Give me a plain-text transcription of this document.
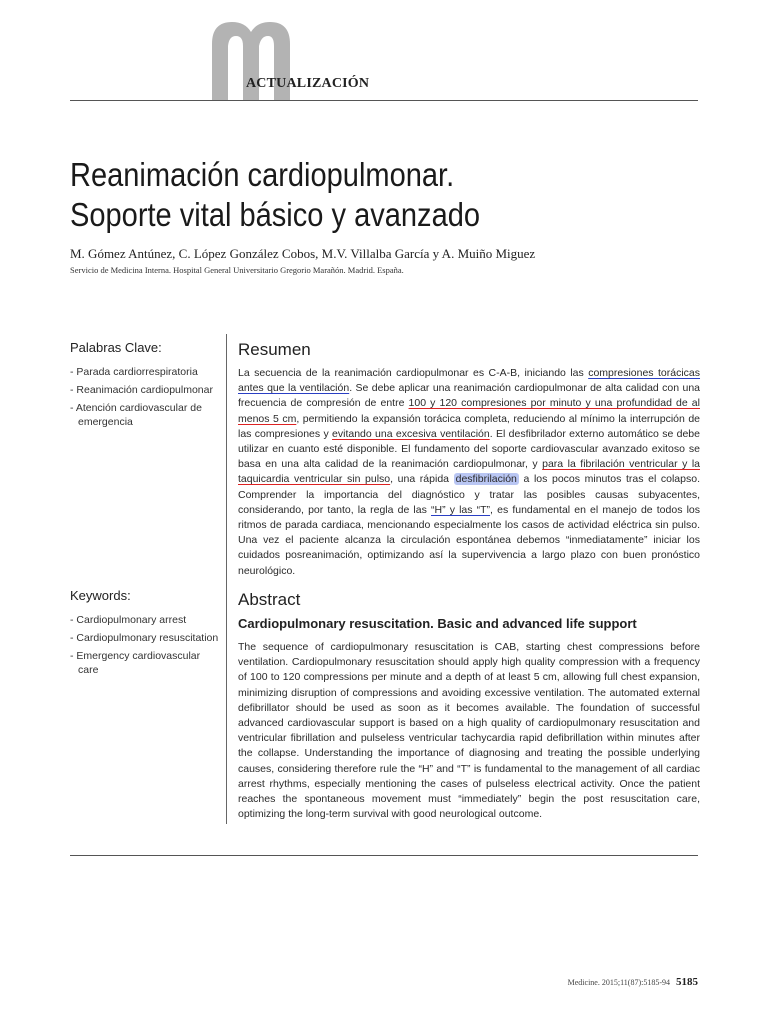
ACTUALIZACIÓN
Reanimación cardiopulmonar.
Soporte vital básico y avanzado
M. Gómez Antúnez, C. López González Cobos, M.V. Villalba García y A. Muiño Miguez
Servicio de Medicina Interna. Hospital General Universitario Gregorio Marañón. Madrid. España.
Palabras Clave:
- Parada cardiorrespiratoria
- Reanimación cardiopulmonar
- Atención cardiovascular de emergencia
Keywords:
- Cardiopulmonary arrest
- Cardiopulmonary resuscitation
- Emergency cardiovascular care
Resumen
La secuencia de la reanimación cardiopulmonar es C-A-B, iniciando las compresiones torácicas antes que la ventilación. Se debe aplicar una reanimación cardiopulmonar de alta calidad con una frecuencia de compresión de entre 100 y 120 compresiones por minuto y una profundidad de al menos 5 cm, permitiendo la expansión torácica completa, reduciendo al mínimo la interrupción de las compresiones y evitando una excesiva ventilación. El desfibrilador externo automático se debe utilizar en cuanto esté disponible. El fundamento del soporte cardiovascular avanzado exitoso se basa en una alta calidad de la reanimación cardiopulmonar, y para la fibrilación ventricular y la taquicardia ventricular sin pulso, una rápida desfibrilación a los pocos minutos tras el colapso. Comprender la importancia del diagnóstico y tratar las posibles causas subyacentes, considerando, por tanto, la regla de las “H” y las “T”, es fundamental en el manejo de todos los ritmos de parada cardiaca, mencionando especialmente los casos de actividad eléctrica sin pulso. Una vez el paciente alcanza la circulación espontánea debemos “inmediatamente” iniciar los cuidados posreanimación, optimizando así la supervivencia a largo plazo con buen pronóstico neurológico.
Abstract
Cardiopulmonary resuscitation. Basic and advanced life support
The sequence of cardiopulmonary resuscitation is CAB, starting chest compressions before ventilation. Cardiopulmonary resuscitation should apply high quality compression with a frequency of 100 to 120 compressions per minute and a depth of at least 5 cm, allowing full chest expansion, minimizing disruption of compressions and avoiding excessive ventilation. The automated external defibrillator should be used as soon as it becomes available. The foundation of successful advanced cardiovascular support is based on a high quality of cardiopulmonary resuscitation and ventricular fibrillation and pulseless ventricular tachycardia rapid defibrillation within minutes after the collapse. Understanding the importance of diagnosing and treating the possible underlying causes, considering therefore rule the “H” and “T” is fundamental to the management of all cardiac arrest rhythms, especially mentioning the cases of pulseless electrical activity. Once the patient reaches the spontaneous movement must “immediately” begin the post resuscitation care, optimizing the long-term survival with good neurological outcome.
Medicine. 2015;11(87):5185-94 5185
